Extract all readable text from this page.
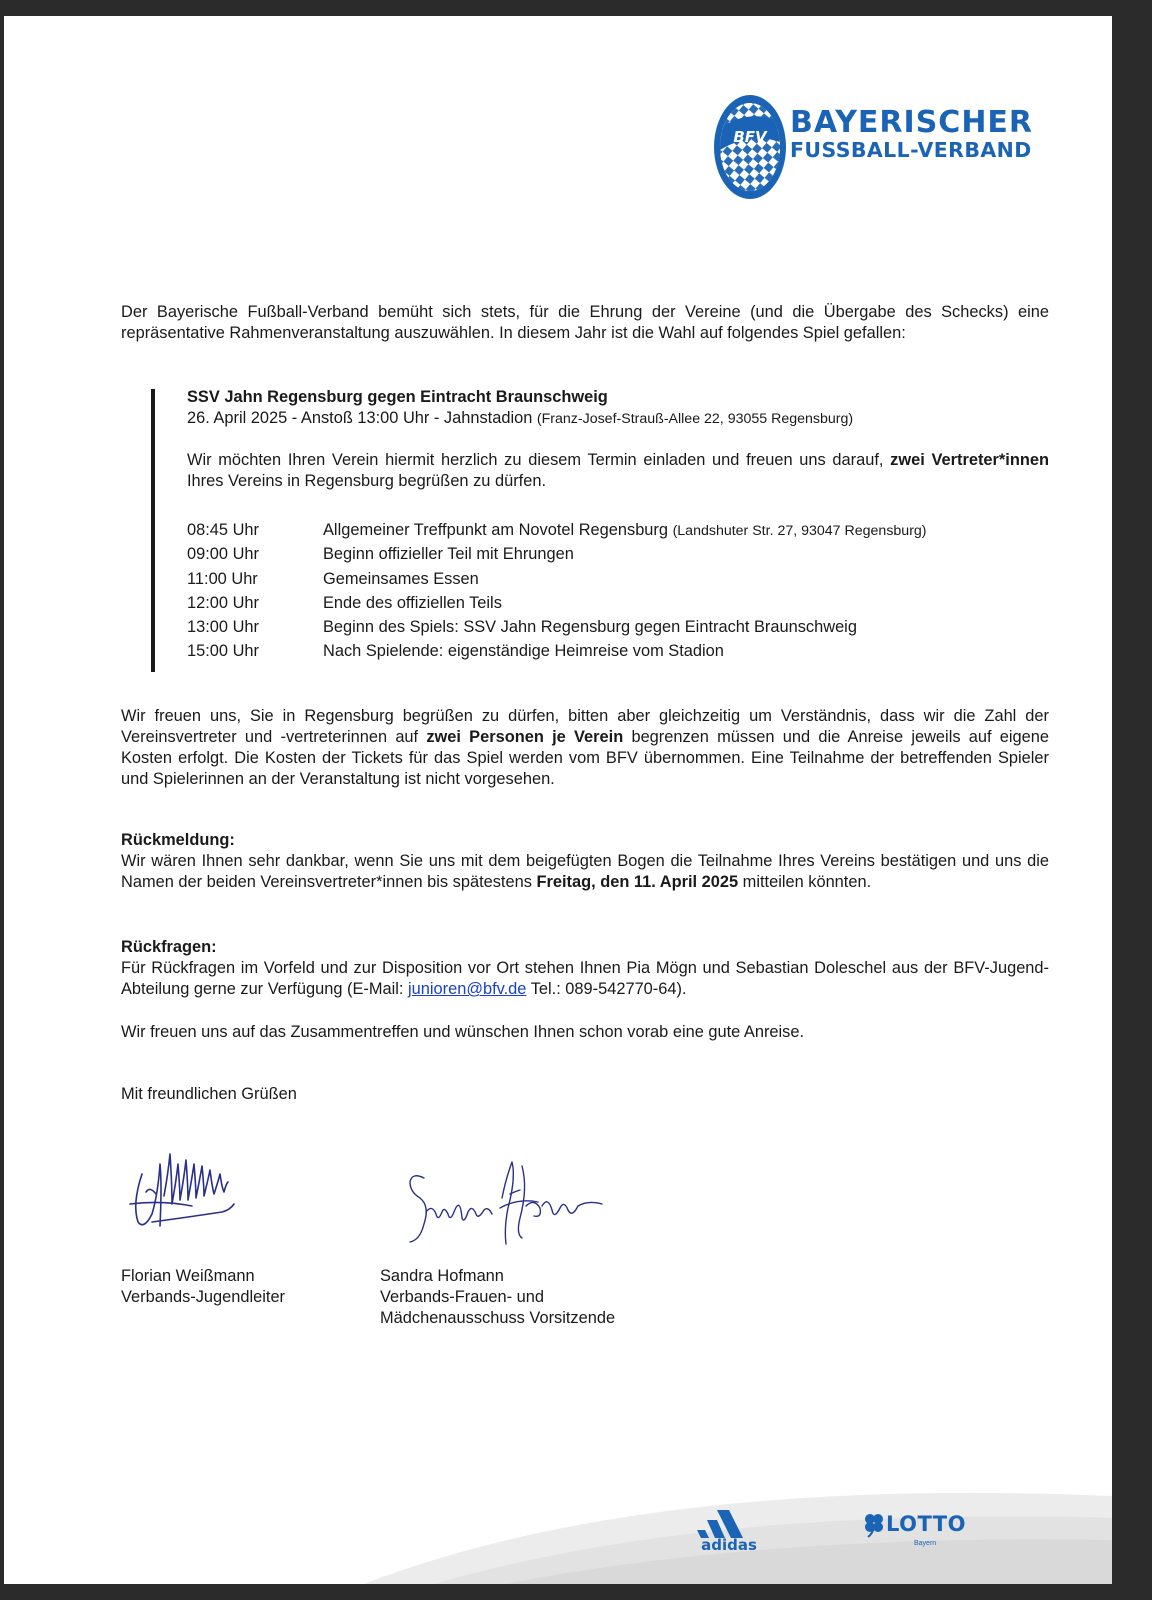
BFV BAYERISCHER
FUSSBALL-VERBAND
Der Bayerische Fußball-Verband bemüht sich stets, für die Ehrung der Vereine (und die Übergabe des Schecks) eine repräsentative Rahmenveranstaltung auszuwählen. In diesem Jahr ist die Wahl auf folgendes Spiel gefallen:
SSV Jahn Regensburg gegen Eintracht Braunschweig
26. April 2025 - Anstoß 13:00 Uhr - Jahnstadion (Franz-Josef-Strauß-Allee 22, 93055 Regensburg)
Wir möchten Ihren Verein hiermit herzlich zu diesem Termin einladen und freuen uns darauf, zwei Vertreter*innen Ihres Vereins in Regensburg begrüßen zu dürfen.
08:45 Uhr	Allgemeiner Treffpunkt am Novotel Regensburg (Landshuter Str. 27, 93047 Regensburg)
09:00 Uhr	Beginn offizieller Teil mit Ehrungen
11:00 Uhr	Gemeinsames Essen
12:00 Uhr	Ende des offiziellen Teils
13:00 Uhr	Beginn des Spiels: SSV Jahn Regensburg gegen Eintracht Braunschweig
15:00 Uhr	Nach Spielende: eigenständige Heimreise vom Stadion
Wir freuen uns, Sie in Regensburg begrüßen zu dürfen, bitten aber gleichzeitig um Verständnis, dass wir die Zahl der Vereinsvertreter und -vertreterinnen auf zwei Personen je Verein begrenzen müssen und die Anreise jeweils auf eigene Kosten erfolgt. Die Kosten der Tickets für das Spiel werden vom BFV übernommen. Eine Teilnahme der betreffenden Spieler und Spielerinnen an der Veranstaltung ist nicht vorgesehen.
Rückmeldung:
Wir wären Ihnen sehr dankbar, wenn Sie uns mit dem beigefügten Bogen die Teilnahme Ihres Vereins bestätigen und uns die Namen der beiden Vereinsvertreter*innen bis spätestens Freitag, den 11. April 2025 mitteilen könnten.
Rückfragen:
Für Rückfragen im Vorfeld und zur Disposition vor Ort stehen Ihnen Pia Mögn und Sebastian Doleschel aus der BFV-Jugend-Abteilung gerne zur Verfügung (E-Mail: junioren@bfv.de Tel.: 089-542770-64).
Wir freuen uns auf das Zusammentreffen und wünschen Ihnen schon vorab eine gute Anreise.
Mit freundlichen Grüßen
Florian Weißmann
Verbands-Jugendleiter
Sandra Hofmann
Verbands-Frauen- und
Mädchenausschuss Vorsitzende
adidas
LOTTO
Bayern
